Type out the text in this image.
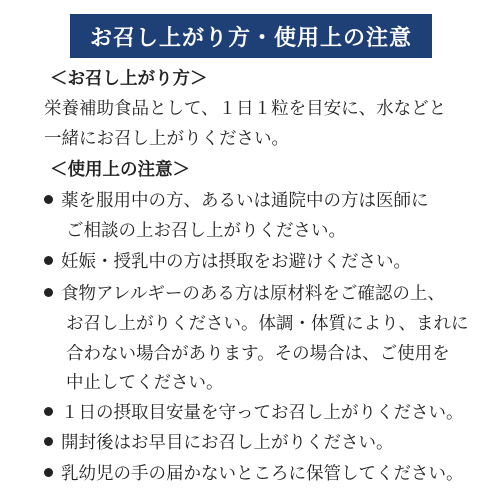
お召し上がり方・使用上の注意
＜お召し上がり方＞
栄養補助食品として、１日１粒を目安に、水などと
一緒にお召し上がりください。
＜使用上の注意＞
薬を服用中の方、あるいは通院中の方は医師に
ご相談の上お召し上がりください。
妊娠・授乳中の方は摂取をお避けください。
食物アレルギーのある方は原材料をご確認の上、
お召し上がりください。体調・体質により、まれに
合わない場合があります。その場合は、ご使用を
中止してください。
１日の摂取目安量を守ってお召し上がりください。
開封後はお早目にお召し上がりください。
乳幼児の手の届かないところに保管してください。
